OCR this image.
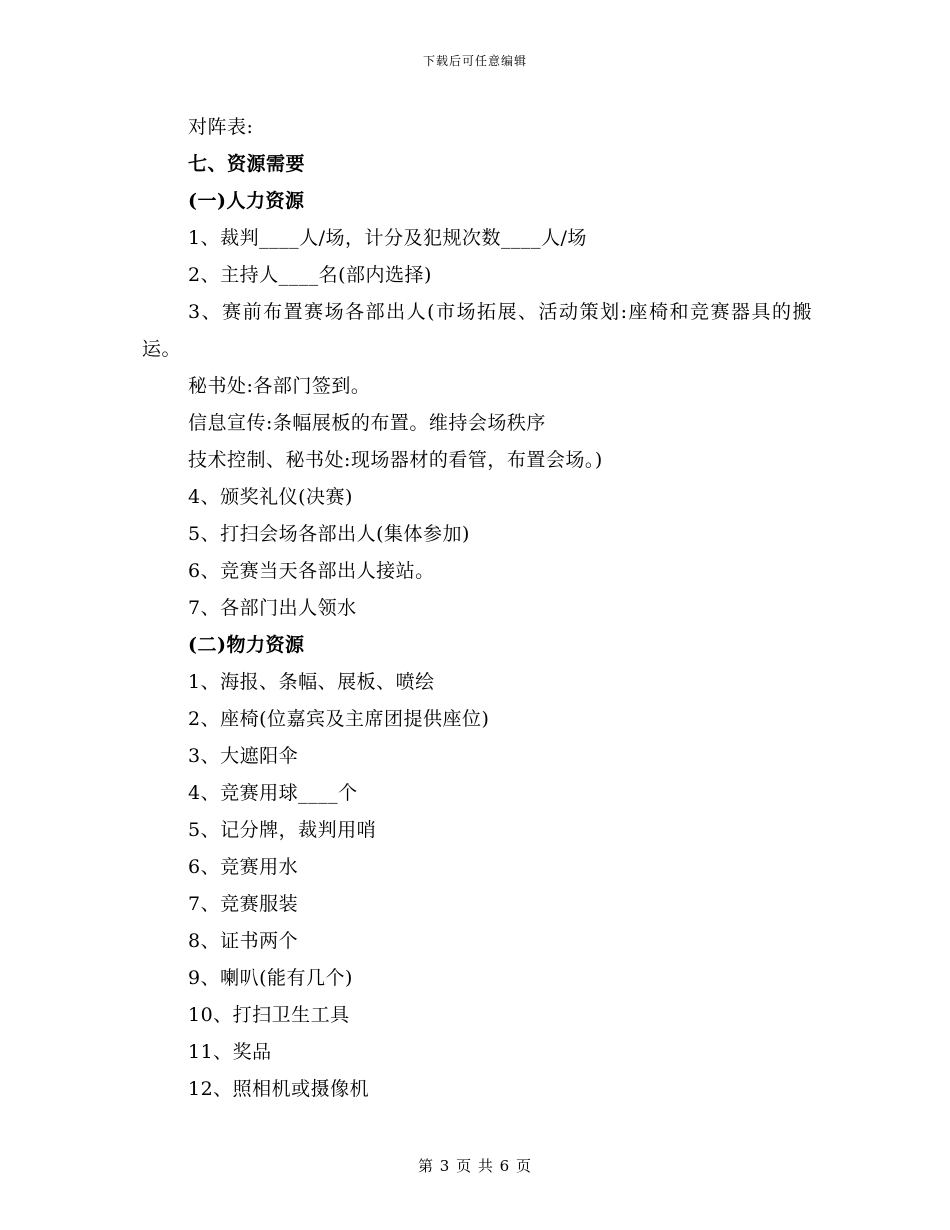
下载后可任意编辑
对阵表:
七、资源需要
(一)人力资源
1、裁判____人/场，计分及犯规次数____人/场
2、主持人____名(部内选择)
3、赛前布置赛场各部出人(市场拓展、活动策划:座椅和竞赛器具的搬运。
秘书处:各部门签到。
信息宣传:条幅展板的布置。维持会场秩序
技术控制、秘书处:现场器材的看管，布置会场。)
4、颁奖礼仪(决赛)
5、打扫会场各部出人(集体参加)
6、竞赛当天各部出人接站。
7、各部门出人领水
(二)物力资源
1、海报、条幅、展板、喷绘
2、座椅(位嘉宾及主席团提供座位)
3、大遮阳伞
4、竞赛用球____个
5、记分牌，裁判用哨
6、竞赛用水
7、竞赛服装
8、证书两个
9、喇叭(能有几个)
10、打扫卫生工具
11、奖品
12、照相机或摄像机
第 3 页 共 6 页
